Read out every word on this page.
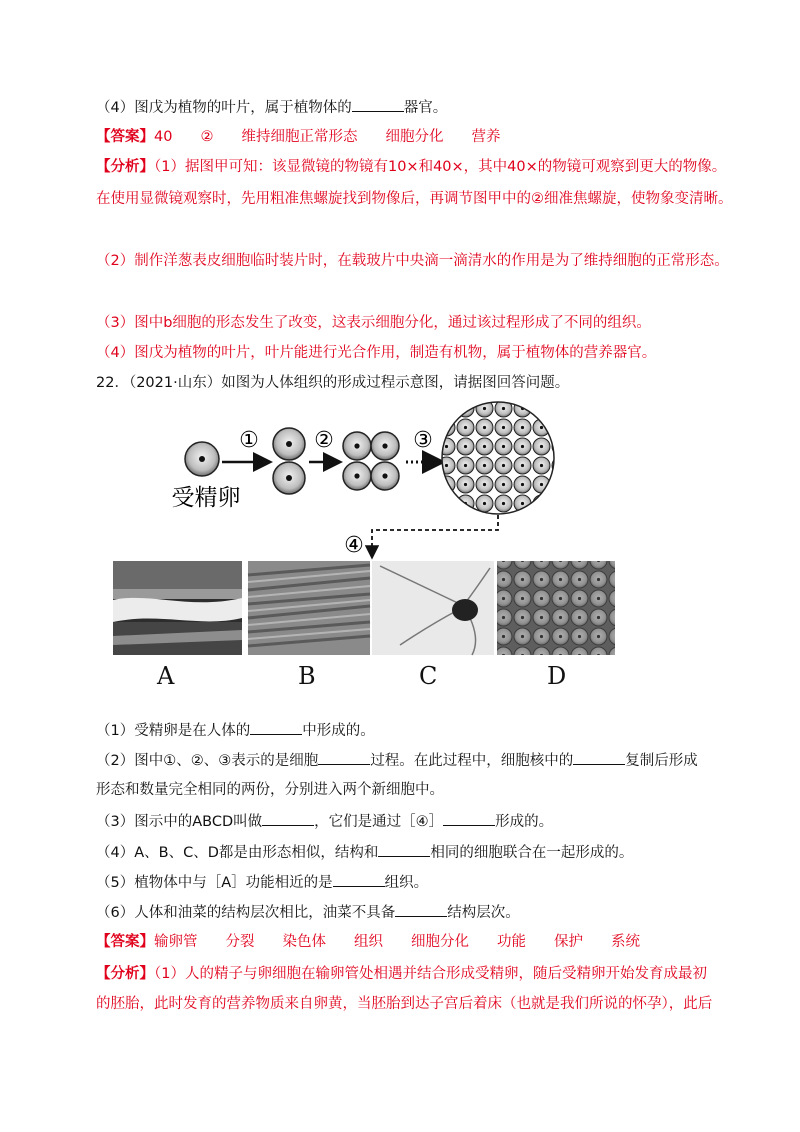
（4）图戊为植物的叶片，属于植物体的	器官。
【答案】40 ② 维持细胞正常形态 细胞分化 营养
【分析】（1）据图甲可知：该显微镜的物镜有10×和40×，其中40×的物镜可观察到更大的物像。
在使用显微镜观察时，先用粗准焦螺旋找到物像后，再调节图甲中的②细准焦螺旋，使物象变清晰。
（2）制作洋葱表皮细胞临时装片时，在载玻片中央滴一滴清水的作用是为了维持细胞的正常形态。
（3）图中b细胞的形态发生了改变，这表示细胞分化，通过该过程形成了不同的组织。
（4）图戊为植物的叶片，叶片能进行光合作用，制造有机物，属于植物体的营养器官。
22．（2021·山东）如图为人体组织的形成过程示意图，请据图回答问题。
①	②	③
④
受精卵
A	B	C	D
（1）受精卵是在人体的	中形成的。
（2）图中①、②、③表示的是细胞	过程。在此过程中，细胞核中的	复制后形成
形态和数量完全相同的两份，分别进入两个新细胞中。
（3）图示中的ABCD叫做	，它们是通过［④］	形成的。
（4）A、B、C、D都是由形态相似，结构和	相同的细胞联合在一起形成的。
（5）植物体中与［A］功能相近的是	组织。
（6）人体和油菜的结构层次相比，油菜不具备	结构层次。
【答案】输卵管 分裂 染色体 组织 细胞分化 功能 保护 系统
【分析】（1）人的精子与卵细胞在输卵管处相遇并结合形成受精卵，随后受精卵开始发育成最初
的胚胎，此时发育的营养物质来自卵黄，当胚胎到达子宫后着床（也就是我们所说的怀孕），此后
